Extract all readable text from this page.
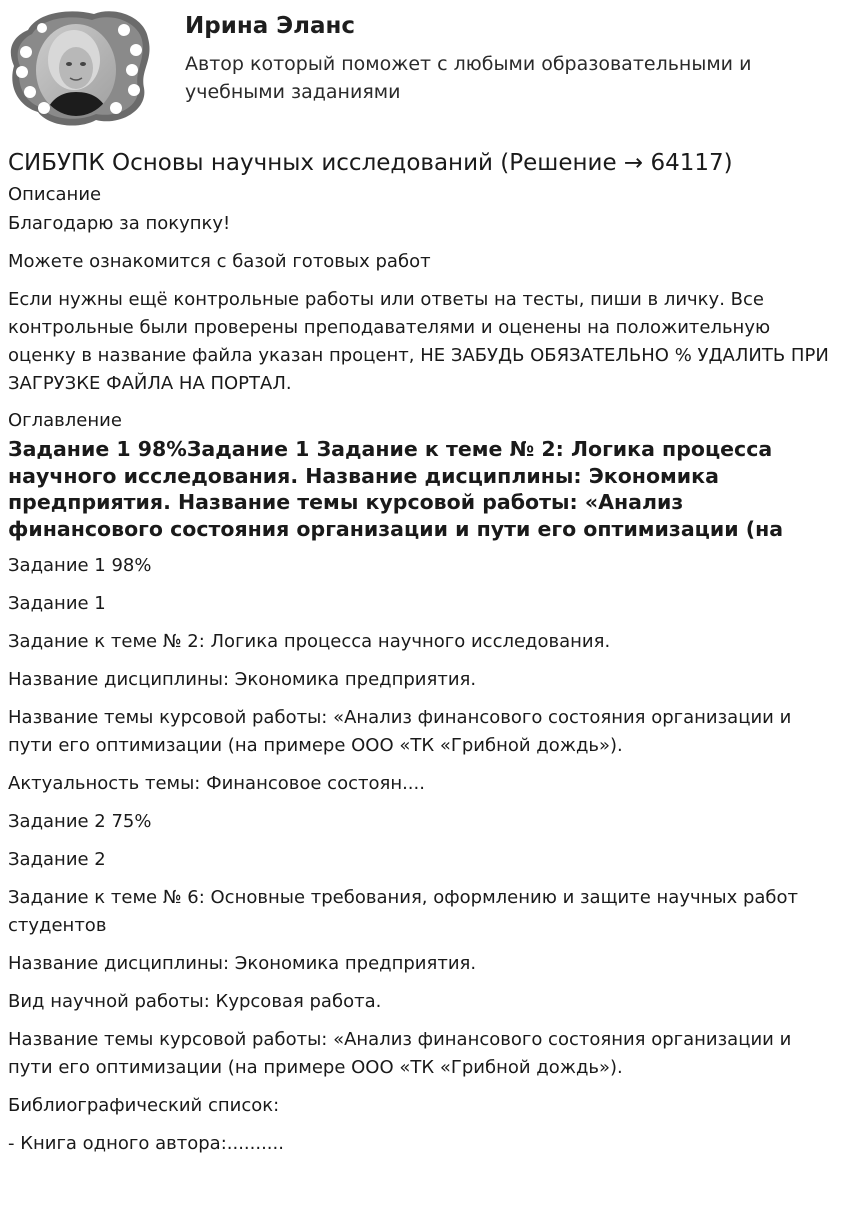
Ирина Эланс
Автор который поможет с любыми образовательными и учебными заданиями
СИБУПК Основы научных исследований (Решение → 64117)
Описание

Благодарю за покупку!

Можете ознакомится с базой готовых работ

Если нужны ещё контрольные работы или ответы на тесты, пиши в личку. Все контрольные были проверены преподавателями и оценены на положительную оценку в название файла указан процент, НЕ ЗАБУДЬ ОБЯЗАТЕЛЬНО % УДАЛИТЬ ПРИ ЗАГРУЗКЕ ФАЙЛА НА ПОРТАЛ.

Оглавление
Задание 1 98%Задание 1 Задание к теме № 2: Логика процесса научного исследования. Название дисциплины: Экономика предприятия. Название темы курсовой работы: «Анализ финансового состояния организации и пути его оптимизации (на

Задание 1 98%

Задание 1

Задание к теме № 2: Логика процесса научного исследования.

Название дисциплины: Экономика предприятия.

Название темы курсовой работы: «Анализ финансового состояния организации и пути его оптимизации (на примере ООО «ТК «Грибной дождь»).

Актуальность темы: Финансовое состоян....

Задание 2 75%

Задание 2

Задание к теме № 6: Основные требования, оформлению и защите научных работ студентов

Название дисциплины: Экономика предприятия.

Вид научной работы: Курсовая работа.

Название темы курсовой работы: «Анализ финансового состояния организации и пути его оптимизации (на примере ООО «ТК «Грибной дождь»).

Библиографический список:

- Книга одного автора:..........
